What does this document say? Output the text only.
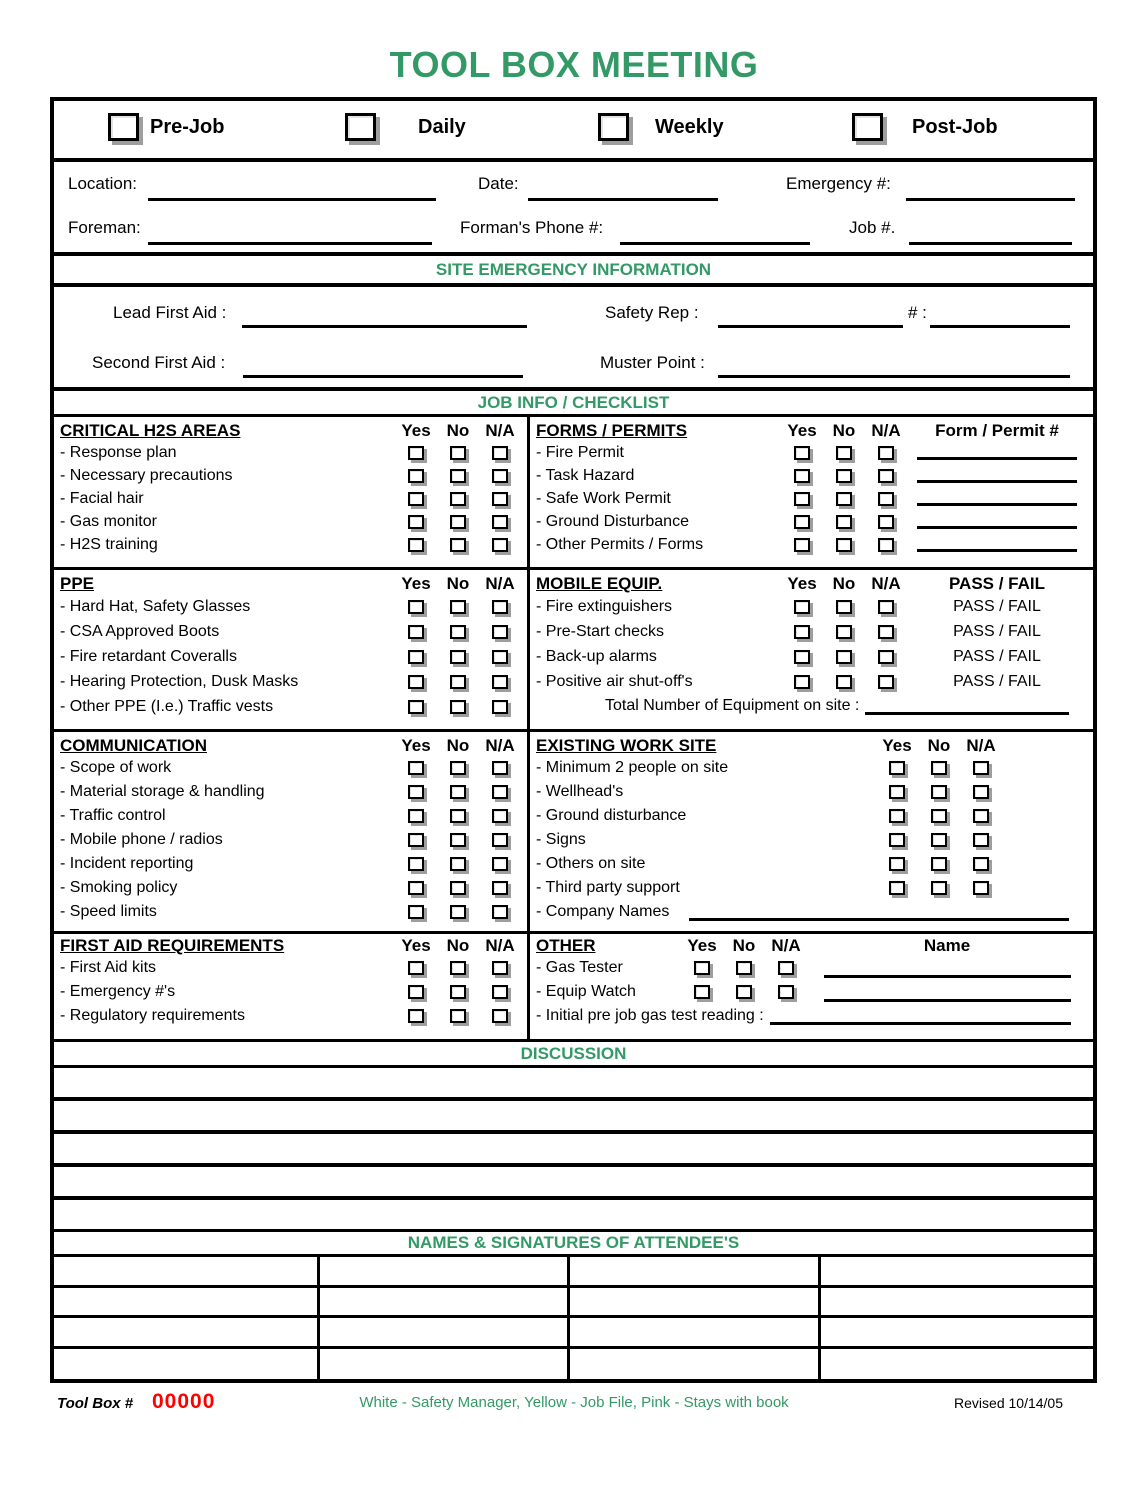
TOOL BOX MEETING
Pre-Job	Daily	Weekly	Post-Job
Location:	Date:	Emergency #:
Foreman:	Forman's Phone #:	Job #.
SITE EMERGENCY INFORMATION
Lead First Aid :	Safety Rep :	# :
Second First Aid :	Muster Point :
JOB INFO / CHECKLIST
CRITICAL H2S AREAS	Yes No N/A
- Response plan
- Necessary precautions
- Facial hair
- Gas monitor
- H2S training
FORMS / PERMITS	Yes No N/A	Form / Permit #
- Fire Permit
- Task Hazard
- Safe Work Permit
- Ground Disturbance
- Other Permits / Forms
PPE	Yes No N/A
- Hard Hat, Safety Glasses
- CSA Approved Boots
- Fire retardant Coveralls
- Hearing Protection, Dusk Masks
- Other PPE (I.e.) Traffic vests
MOBILE EQUIP.	Yes No N/A	PASS / FAIL
- Fire extinguishers	PASS / FAIL
- Pre-Start checks	PASS / FAIL
- Back-up alarms	PASS / FAIL
- Positive air shut-off's	PASS / FAIL
Total Number of Equipment on site :
COMMUNICATION	Yes No N/A
- Scope of work
- Material storage & handling
- Traffic control
- Mobile phone / radios
- Incident reporting
- Smoking policy
- Speed limits
EXISTING WORK SITE	Yes No N/A
- Minimum 2 people on site
- Wellhead's
- Ground disturbance
- Signs
- Others on site
- Third party support
- Company Names
FIRST AID REQUIREMENTS	Yes No N/A
- First Aid kits
- Emergency #'s
- Regulatory requirements
OTHER	Yes No N/A	Name
- Gas Tester
- Equip Watch
- Initial pre job gas test reading :
DISCUSSION
NAMES & SIGNATURES OF ATTENDEE'S
Tool Box # 00000	White - Safety Manager, Yellow - Job File, Pink - Stays with book	Revised 10/14/05
